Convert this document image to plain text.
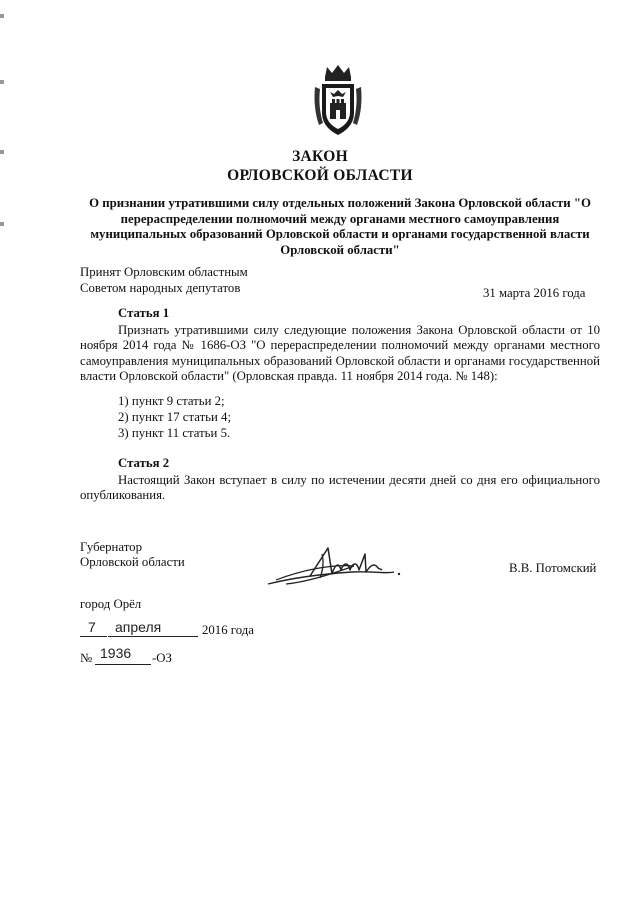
ЗАКОН
ОРЛОВСКОЙ ОБЛАСТИ
О признании утратившими силу отдельных положений Закона Орловской области "О перераспределении полномочий между органами местного самоуправления муниципальных образований Орловской области и органами государственной власти Орловской области"
Принят Орловским областным
Советом народных депутатов	31 марта 2016 года
Статья 1
Признать утратившими силу следующие положения Закона Орловской области от 10 ноября 2014 года № 1686-ОЗ "О перераспределении полномочий между органами местного самоуправления муниципальных образований Орловской области и органами государственной власти Орловской области" (Орловская правда. 11 ноября 2014 года. № 148):
1) пункт 9 статьи 2;
2) пункт 17 статьи 4;
3) пункт 11 статьи 5.
Статья 2
Настоящий Закон вступает в силу по истечении десяти дней со дня его официального опубликования.
Губернатор
Орловской области	В.В. Потомский
город Орёл
7 апреля	2016 года
№ 1936 -ОЗ
